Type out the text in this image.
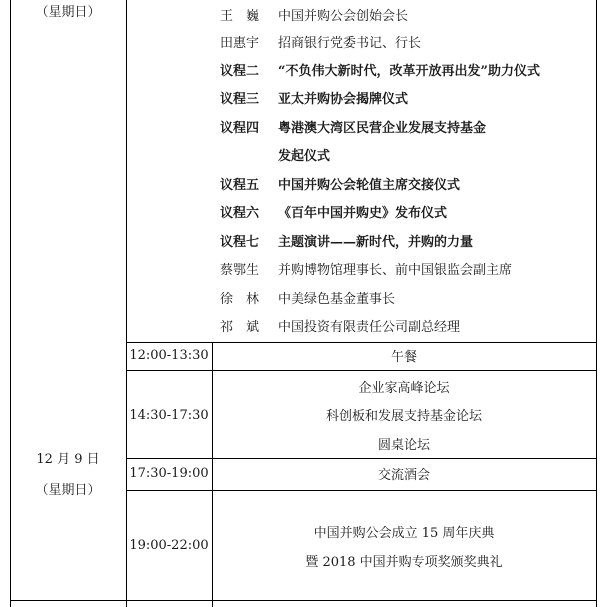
（星期日）
12 月 9 日
（星期日）
王　巍 中国并购公会创始会长
田惠宇 招商银行党委书记、行长
议程二 “不负伟大新时代，改革开放再出发”助力仪式
议程三 亚太并购协会揭牌仪式
议程四 粤港澳大湾区民营企业发展支持基金
发起仪式
议程五 中国并购公会轮值主席交接仪式
议程六 《百年中国并购史》发布仪式
议程七 主题演讲——新时代，并购的力量
蔡鄂生 并购博物馆理事长、前中国银监会副主席
徐　林 中美绿色基金董事长
祁　斌 中国投资有限责任公司副总经理
12:00-13:30	午餐
14:30-17:30
企业家高峰论坛
科创板和发展支持基金论坛
圆桌论坛
17:30-19:00	交流酒会
19:00-22:00
中国并购公会成立 15 周年庆典
暨 2018 中国并购专项奖颁奖典礼
